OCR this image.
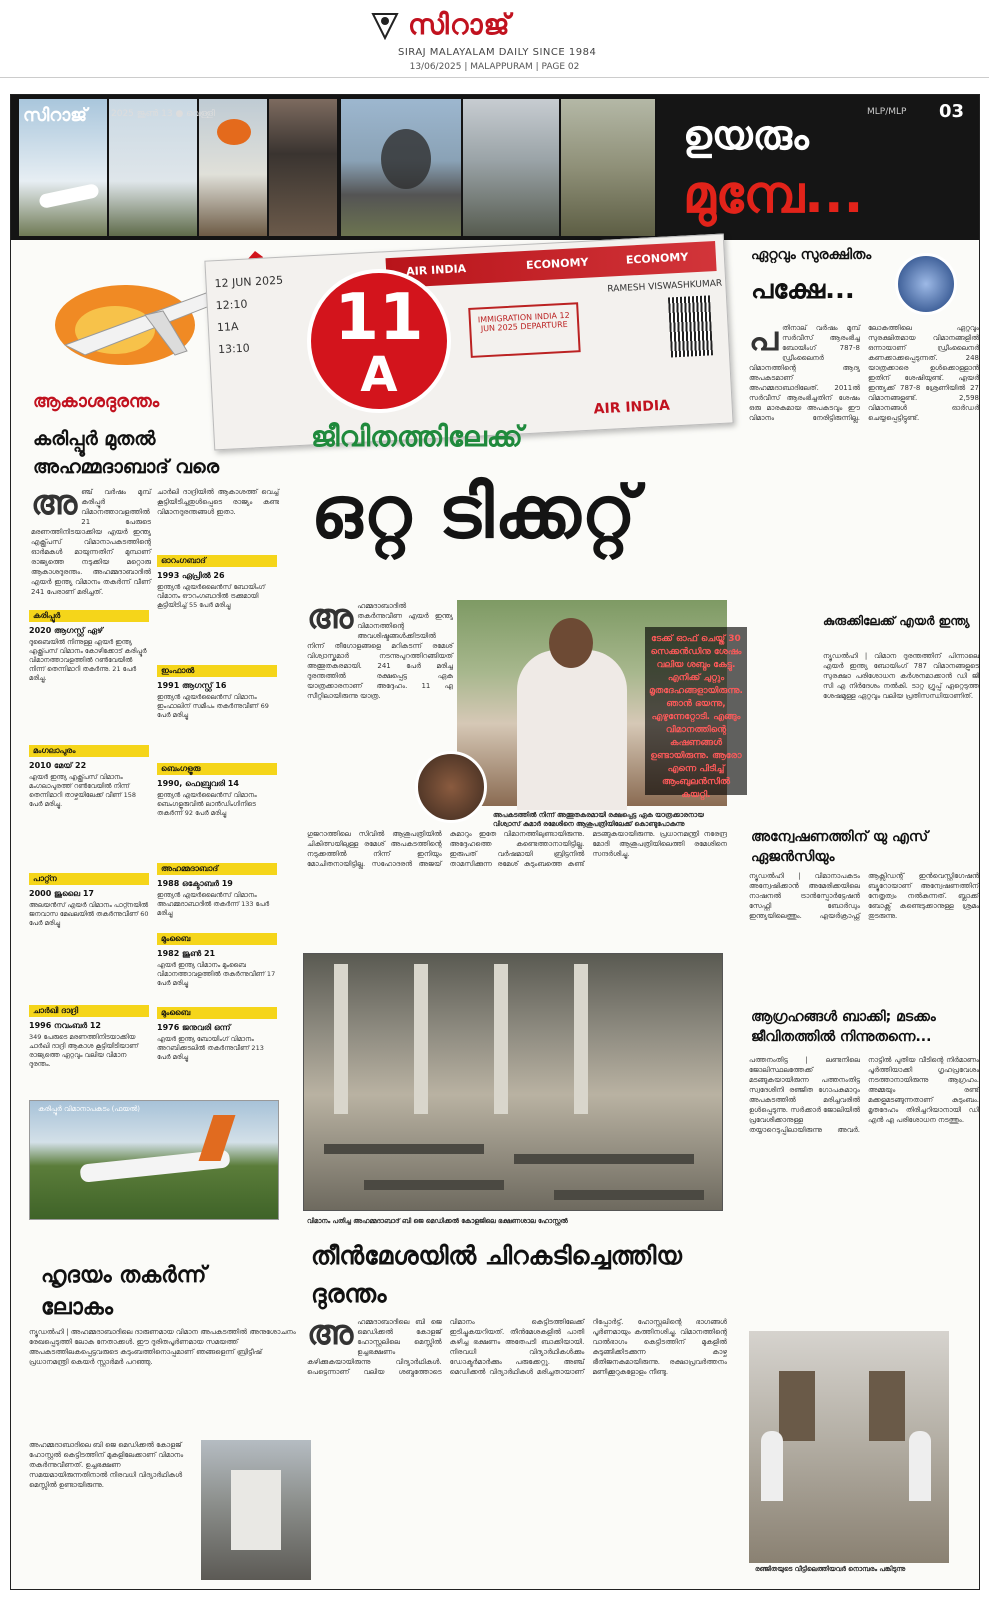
സിറാജ്
SIRAJ MALAYALAM DAILY SINCE 1984
13/06/2025 | MALAPPURAM | PAGE 02
സിറാജ്	2025 ജൂൺ 13 ● വെള്ളി	MLP/MLP 03
ഉയരും
മുമ്പേ...
AIR INDIA	ECONOMY	ECONOMY
12 JUN 2025
12:10
11A
13:10
RAMESH VISWASHKUMAR
IMMIGRATION INDIA 12 JUN 2025 DEPARTURE
AIR INDIA
11
A
ജീവിതത്തിലേക്ക്
ഒറ്റ ടിക്കറ്റ്
ആകാശദുരന്തം
കരിപ്പൂർ മുതൽ അഹമ്മദാബാദ് വരെ
അ ഞ്ച് വർഷം മുമ്പ് കരിപ്പൂർ വിമാനത്താവളത്തിൽ 21 പേരുടെ മരണത്തിനിടയാക്കിയ എയർ ഇന്ത്യ എക്സ്പ്രസ് വിമാനാപകടത്തിന്റെ ഓർമകൾ മായുന്നതിന് മുമ്പാണ് രാജ്യത്തെ നടുക്കിയ മറ്റൊരു ആകാശദുരന്തം. അഹമ്മദാബാദിൽ എയർ ഇന്ത്യ വിമാനം തകർന്ന് വീണ് 241 പേരാണ് മരിച്ചത്.
ചാർലി ദാദ്രിയിൽ ആകാശത്ത് വെച്ച് കൂട്ടിയിടിച്ചതുൾപ്പെടെ രാജ്യം കണ്ട വിമാനദുരന്തങ്ങൾ ഇതാ.
ഓറംഗബാദ്
1993 ഏപ്രിൽ 26
ഇന്ത്യൻ എയർലൈൻസ് ബോയിംഗ് വിമാനം ഔറംഗബാദിൽ ട്രക്കുമായി കൂട്ടിയിടിച്ച് 55 പേർ മരിച്ചു
കരിപ്പൂർ
2020 ആഗസ്റ്റ് ഏഴ്
ദുബൈയിൽ നിന്നുള്ള എയർ ഇന്ത്യ എക്സ്പ്രസ് വിമാനം കോഴിക്കോട് കരിപ്പൂർ വിമാനത്താവളത്തിൽ റൺവേയിൽ നിന്ന് തെന്നിമാറി തകർന്നു. 21 പേർ മരിച്ചു.
ഇംഫാൽ
1991 ആഗസ്റ്റ് 16
ഇന്ത്യൻ എയർലൈൻസ് വിമാനം ഇംഫാലിന് സമീപം തകർന്നുവീണ് 69 പേർ മരിച്ചു
മംഗലാപുരം
2010 മേയ് 22
എയർ ഇന്ത്യ എക്സ്പ്രസ് വിമാനം മംഗലാപുരത്ത് റൺവേയിൽ നിന്ന് തെന്നിമാറി താഴ്ചയിലേക്ക് വീണ് 158 പേർ മരിച്ചു.
ബെംഗളൂരു
1990, ഫെബ്രുവരി 14
ഇന്ത്യൻ എയർലൈൻസ് വിമാനം ബെംഗളൂരുവിൽ ലാൻഡിംഗിനിടെ തകർന്ന് 92 പേർ മരിച്ചു
പാറ്റ്ന
2000 ജൂലൈ 17
അലയൻസ് എയർ വിമാനം പാറ്റ്നയിൽ ജനവാസ മേഖലയിൽ തകർന്നുവീണ് 60 പേർ മരിച്ചു
അഹമ്മദാബാദ്
1988 ഒക്ടോബർ 19
ഇന്ത്യൻ എയർലൈൻസ് വിമാനം അഹമ്മദാബാദിൽ തകർന്ന് 133 പേർ മരിച്ചു
മുംബൈ
1982 ജൂൺ 21
എയർ ഇന്ത്യ വിമാനം മുംബൈ വിമാനത്താവളത്തിൽ തകർന്നുവീണ് 17 പേർ മരിച്ചു
ചാർഖി ദാദ്രി
1996 നവംബർ 12
349 പേരുടെ മരണത്തിനിടയാക്കിയ ചാർഖി ദാദ്രി ആകാശ കൂട്ടിയിടിയാണ് രാജ്യത്തെ ഏറ്റവും വലിയ വിമാന ദുരന്തം.
മുംബൈ
1976 ജനുവരി ഒന്ന്
എയർ ഇന്ത്യ ബോയിംഗ് വിമാനം അറബിക്കടലിൽ തകർന്നുവീണ് 213 പേർ മരിച്ചു
കരിപ്പൂർ വിമാനാപകടം (ഫയൽ)
ഹൃദയം തകർന്ന് ലോകം
ന്യൂഡൽഹി | അഹമ്മദാബാദിലെ ദാരുണമായ വിമാന അപകടത്തിൽ അനുശോചനം രേഖപ്പെടുത്തി ലോക നേതാക്കൾ. ഈ ദുരിതപൂർണമായ സമയത്ത് അപകടത്തിലകപ്പെട്ടവരുടെ കുടുംബത്തിനൊപ്പമാണ് ഞങ്ങളെന്ന് ബ്രിട്ടീഷ് പ്രധാനമന്ത്രി കെയർ സ്റ്റാർമർ പറഞ്ഞു.
അഹമ്മദാബാദിലെ ബി ജെ മെഡിക്കൽ കോളജ് ഹോസ്റ്റൽ കെട്ടിടത്തിന് മുകളിലേക്കാണ് വിമാനം തകർന്നുവീണത്. ഉച്ചഭക്ഷണ സമയമായിരുന്നതിനാൽ നിരവധി വിദ്യാർഥികൾ മെസ്സിൽ ഉണ്ടായിരുന്നു.
അ ഹമ്മദാബാദിൽ തകർന്നുവീണ എയർ ഇന്ത്യ വിമാനത്തിന്റെ അവശിഷ്ടങ്ങൾക്കിടയിൽ നിന്ന് തീഗോളങ്ങളെ മറികടന്ന് രമേശ് വിശ്വാസ്കുമാർ നടന്നുപുറത്തിറങ്ങിയത് അത്ഭുതകരമായി. 241 പേർ മരിച്ച ദുരന്തത്തിൽ രക്ഷപ്പെട്ട ഏക യാത്രക്കാരനാണ് അദ്ദേഹം. 11 എ സീറ്റിലായിരുന്നു യാത്ര.
ടേക്ക് ഓഫ് ചെയ്ത് 30 സെക്കൻഡിനു ശേഷം വലിയ ശബ്ദം കേട്ടു. എനിക്ക് ചുറ്റും മൃതദേഹങ്ങളായിരുന്നു. ഞാൻ ഭയന്നു, എഴുന്നേറ്റോടി. എങ്ങും വിമാനത്തിന്റെ കഷണങ്ങൾ ഉണ്ടായിരുന്നു. ആരോ എന്നെ പിടിച്ച് ആംബുലൻസിൽ കയറ്റി.
അപകടത്തിൽ നിന്ന് അത്ഭുതകരമായി രക്ഷപ്പെട്ട ഏക യാത്രക്കാരനായ വിശ്വാസ് കുമാർ രമേശിനെ ആശുപത്രിയിലേക്ക് കൊണ്ടുപോകുന്നു
ഗുജറാത്തിലെ സിവിൽ ആശുപത്രിയിൽ ചികിത്സയിലുള്ള രമേശ് അപകടത്തിന്റെ നടുക്കത്തിൽ നിന്ന് ഇനിയും മോചിതനായിട്ടില്ല. സഹോദരൻ അജയ് കുമാറും ഇതേ വിമാനത്തിലുണ്ടായിരുന്നു. അദ്ദേഹത്തെ കണ്ടെത്താനായിട്ടില്ല. ഇരുപത് വർഷമായി ബ്രിട്ടനിൽ താമസിക്കുന്ന രമേശ് കുടുംബത്തെ കണ്ട് മടങ്ങുകയായിരുന്നു. പ്രധാനമന്ത്രി നരേന്ദ്ര മോദി ആശുപത്രിയിലെത്തി രമേശിനെ സന്ദർശിച്ചു.
വിമാനം പതിച്ച അഹമ്മദാബാദ് ബി ജെ മെഡിക്കൽ കോളജിലെ ഭക്ഷണശാല ഹോസ്റ്റൽ
തീൻമേശയിൽ ചിറകടിച്ചെത്തിയ ദുരന്തം
അ ഹമ്മദാബാദിലെ ബി ജെ മെഡിക്കൽ കോളജ് ഹോസ്റ്റലിലെ മെസ്സിൽ ഉച്ചഭക്ഷണം കഴിക്കുകയായിരുന്നു വിദ്യാർഥികൾ. പെട്ടെന്നാണ് വലിയ ശബ്ദത്തോടെ വിമാനം കെട്ടിടത്തിലേക്ക് ഇടിച്ചുകയറിയത്. തീൻമേശകളിൽ പാതി കഴിച്ച ഭക്ഷണം അതേപടി ബാക്കിയായി. നിരവധി വിദ്യാർഥികൾക്കും ഡോക്ടർമാർക്കും പരുക്കേറ്റു. അഞ്ച് മെഡിക്കൽ വിദ്യാർഥികൾ മരിച്ചതായാണ് റിപ്പോർട്ട്. ഹോസ്റ്റലിന്റെ ഭാഗങ്ങൾ പൂർണമായും കത്തിനശിച്ചു. വിമാനത്തിന്റെ വാൽഭാഗം കെട്ടിടത്തിന് മുകളിൽ കുടുങ്ങിക്കിടക്കുന്ന കാഴ്ച ഭീതിജനകമായിരുന്നു. രക്ഷാപ്രവർത്തനം മണിക്കൂറുകളോളം നീണ്ടു.
ഏറ്റവും സുരക്ഷിതം
പക്ഷേ...
പ തിനാല് വർഷം മുമ്പ് സർവീസ് ആരംഭിച്ച ബോയിംഗ് 787-8 ഡ്രീംലൈനർ വിമാനത്തിന്റെ ആദ്യ അപകടമാണ് അഹമ്മദാബാദിലേത്. 2011ൽ സർവീസ് ആരംഭിച്ചതിന് ശേഷം ഒരു മാരകമായ അപകടവും ഈ വിമാനം നേരിട്ടിരുന്നില്ല. ലോകത്തിലെ ഏറ്റവും സുരക്ഷിതമായ വിമാനങ്ങളിൽ ഒന്നായാണ് ഡ്രീംലൈനർ കണക്കാക്കപ്പെടുന്നത്. 248 യാത്രക്കാരെ ഉൾക്കൊള്ളാൻ ഇതിന് ശേഷിയുണ്ട്. എയർ ഇന്ത്യക്ക് 787-8 ശ്രേണിയിൽ 27 വിമാനങ്ങളുണ്ട്. 2,598 വിമാനങ്ങൾ ഓർഡർ ചെയ്യപ്പെട്ടിട്ടുണ്ട്.
കുരുക്കിലേക്ക് എയർ ഇന്ത്യ
ന്യൂഡൽഹി | വിമാന ദുരന്തത്തിന് പിന്നാലെ എയർ ഇന്ത്യ ബോയിംഗ് 787 വിമാനങ്ങളുടെ സുരക്ഷാ പരിശോധന കർശനമാക്കാൻ ഡി ജി സി എ നിർദേശം നൽകി. ടാറ്റ ഗ്രൂപ്പ് ഏറ്റെടുത്ത ശേഷമുള്ള ഏറ്റവും വലിയ പ്രതിസന്ധിയാണിത്.
അന്വേഷണത്തിന് യു എസ് ഏജൻസിയും
ന്യൂഡൽഹി | വിമാനാപകടം അന്വേഷിക്കാൻ അമേരിക്കയിലെ നാഷനൽ ട്രാൻസ്പോർട്ടേഷൻ സേഫ്റ്റി ബോർഡും ഇന്ത്യയിലെത്തും. എയർക്രാഫ്റ്റ് ആക്സിഡന്റ് ഇൻവെസ്റ്റിഗേഷൻ ബ്യൂറോയാണ് അന്വേഷണത്തിന് നേതൃത്വം നൽകുന്നത്. ബ്ലാക്ക് ബോക്സ് കണ്ടെടുക്കാനുള്ള ശ്രമം തുടരുന്നു.
ആഗ്രഹങ്ങൾ ബാക്കി; മടക്കം ജീവിതത്തിൽ നിന്നുതന്നെ...
പത്തനംതിട്ട | ലണ്ടനിലെ ജോലിസ്ഥലത്തേക്ക് മടങ്ങുകയായിരുന്ന പത്തനംതിട്ട സ്വദേശിനി രഞ്ജിത ഗോപകുമാറും അപകടത്തിൽ മരിച്ചവരിൽ ഉൾപ്പെടുന്നു. സർക്കാർ ജോലിയിൽ പ്രവേശിക്കാനുള്ള തയ്യാറെടുപ്പിലായിരുന്നു അവർ. നാട്ടിൽ പുതിയ വീടിന്റെ നിർമാണം പൂർത്തിയാക്കി ഗൃഹപ്രവേശം നടത്താനായിരുന്നു ആഗ്രഹം. അമ്മയും രണ്ട് മക്കളുമടങ്ങുന്നതാണ് കുടുംബം. മൃതദേഹം തിരിച്ചറിയാനായി ഡി എൻ എ പരിശോധന നടത്തും.
രഞ്ജിതയുടെ വീട്ടിലെത്തിയവർ നൊമ്പരം പങ്കിടുന്നു
